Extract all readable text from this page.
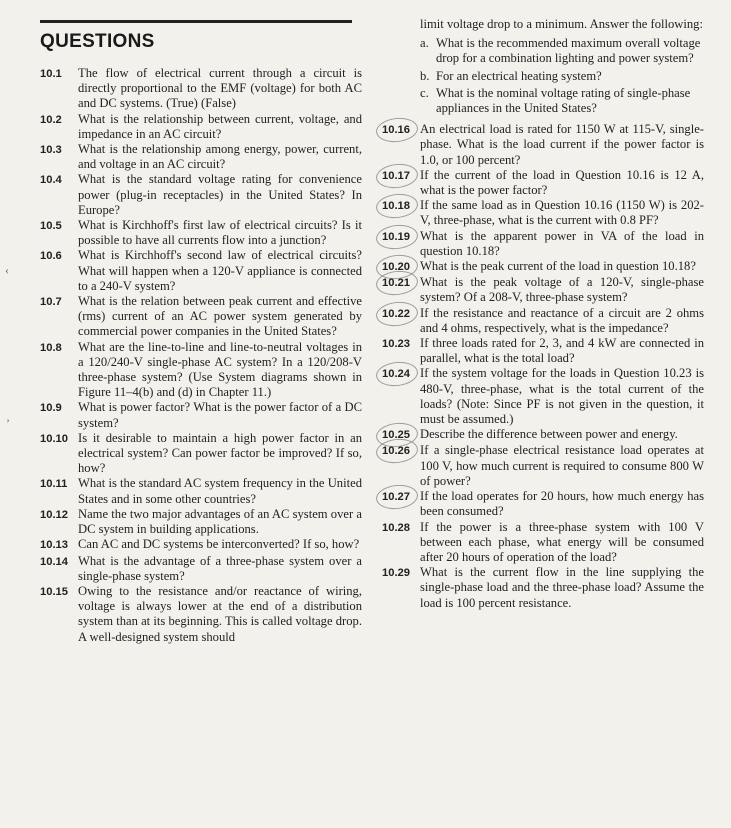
QUESTIONS
10.1	The flow of electrical current through a circuit is directly proportional to the EMF (voltage) for both AC and DC systems. (True) (False)
10.2	What is the relationship between current, voltage, and impedance in an AC circuit?
10.3	What is the relationship among energy, power, current, and voltage in an AC circuit?
10.4	What is the standard voltage rating for convenience power (plug-in receptacles) in the United States? In Europe?
10.5	What is Kirchhoff's first law of electrical circuits? Is it possible to have all currents flow into a junction?
10.6	What is Kirchhoff's second law of electrical circuits? What will happen when a 120-V appliance is connected to a 240-V system?
10.7	What is the relation between peak current and effective (rms) current of an AC power system generated by commercial power companies in the United States?
10.8	What are the line-to-line and line-to-neutral voltages in a 120/240-V single-phase AC system? In a 120/208-V three-phase system? (Use System diagrams shown in Figure 11–4(b) and (d) in Chapter 11.)
10.9	What is power factor? What is the power factor of a DC system?
10.10 Is it desirable to maintain a high power factor in an electrical system? Can power factor be improved? If so, how?
10.11 What is the standard AC system frequency in the United States and in some other countries?
10.12 Name the two major advantages of an AC system over a DC system in building applications.
10.13 Can AC and DC systems be interconverted? If so, how?
10.14 What is the advantage of a three-phase system over a single-phase system?
10.15 Owing to the resistance and/or reactance of wiring, voltage is always lower at the end of a distribution system than at its beginning. This is called voltage drop. A well-designed system should
limit voltage drop to a minimum. Answer the following:
a. What is the recommended maximum overall voltage drop for a combination lighting and power system?
b. For an electrical heating system?
c. What is the nominal voltage rating of single-phase appliances in the United States?
10.16 An electrical load is rated for 1150 W at 115-V, single-phase. What is the load current if the power factor is 1.0, or 100 percent?
10.17 If the current of the load in Question 10.16 is 12 A, what is the power factor?
10.18 If the same load as in Question 10.16 (1150 W) is 202-V, three-phase, what is the current with 0.8 PF?
10.19 What is the apparent power in VA of the load in question 10.18?
10.20 What is the peak current of the load in question 10.18?
10.21 What is the peak voltage of a 120-V, single-phase system? Of a 208-V, three-phase system?
10.22 If the resistance and reactance of a circuit are 2 ohms and 4 ohms, respectively, what is the impedance?
10.23 If three loads rated for 2, 3, and 4 kW are connected in parallel, what is the total load?
10.24 If the system voltage for the loads in Question 10.23 is 480-V, three-phase, what is the total current of the loads? (Note: Since PF is not given in the question, it must be assumed.)
10.25 Describe the difference between power and energy.
10.26 If a single-phase electrical resistance load operates at 100 V, how much current is required to consume 800 W of power?
10.27 If the load operates for 20 hours, how much energy has been consumed?
10.28 If the power is a three-phase system with 100 V between each phase, what energy will be consumed after 20 hours of operation of the load?
10.29 What is the current flow in the line supplying the single-phase load and the three-phase load? Assume the load is 100 percent resistance.
‹
’
